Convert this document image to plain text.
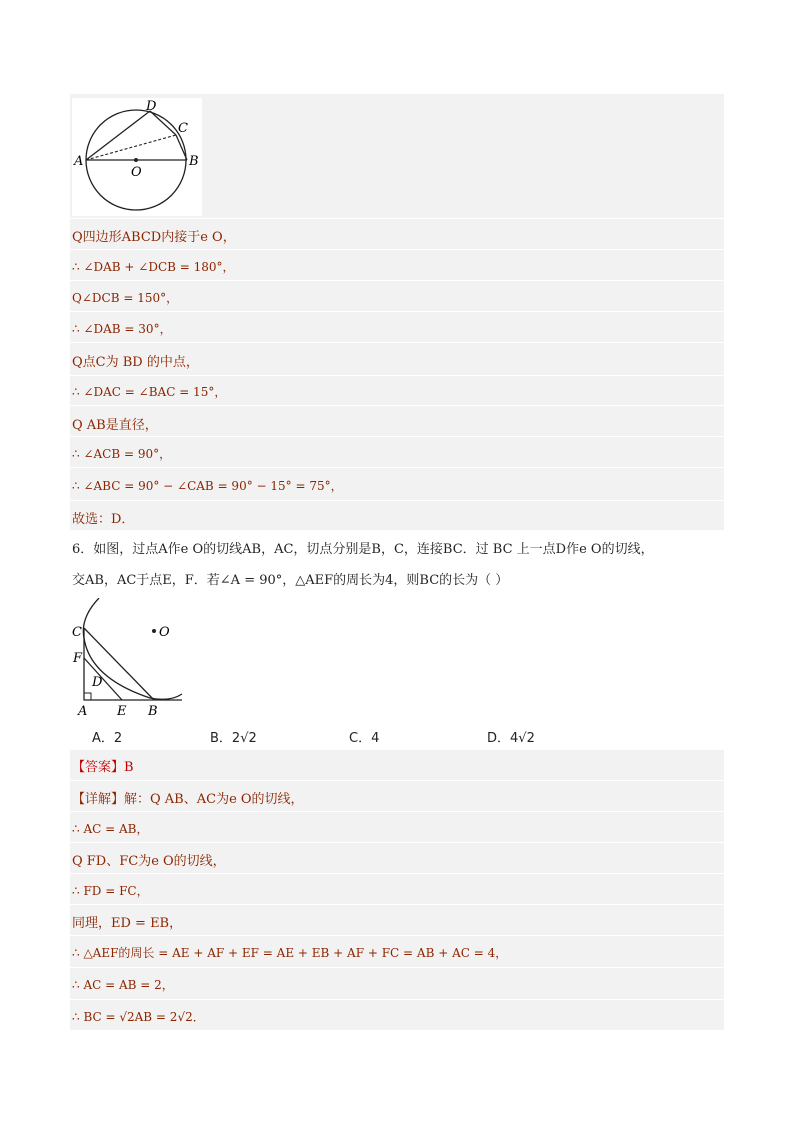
D
C
A	B
O
Q四边形ABCD内接于e O，
∴ ∠DAB + ∠DCB = 180°，
Q∠DCB = 150°，
∴ ∠DAB = 30°，
Q点C为 BD 的中点，
∴ ∠DAC = ∠BAC = 15°，
Q AB是直径，
∴ ∠ACB = 90°，
∴ ∠ABC = 90° − ∠CAB = 90° − 15° = 75°，
故选：D．
6．如图，过点A作e O的切线AB，AC，切点分别是B，C，连接BC．过 BC 上一点D作e O的切线，
交AB，AC于点E，F．若∠A = 90°，△AEF的周长为4，则BC的长为（ ）
C	O
F
D
A E B
A．2	B．2√2	C．4	D．4√2
【答案】B
【详解】解：Q AB、AC为e O的切线，
∴ AC = AB，
Q FD、FC为e O的切线，
∴ FD = FC，
同理，ED = EB，
∴ △AEF的周长 = AE + AF + EF = AE + EB + AF + FC = AB + AC = 4，
∴ AC = AB = 2，
∴ BC = √2AB = 2√2．
